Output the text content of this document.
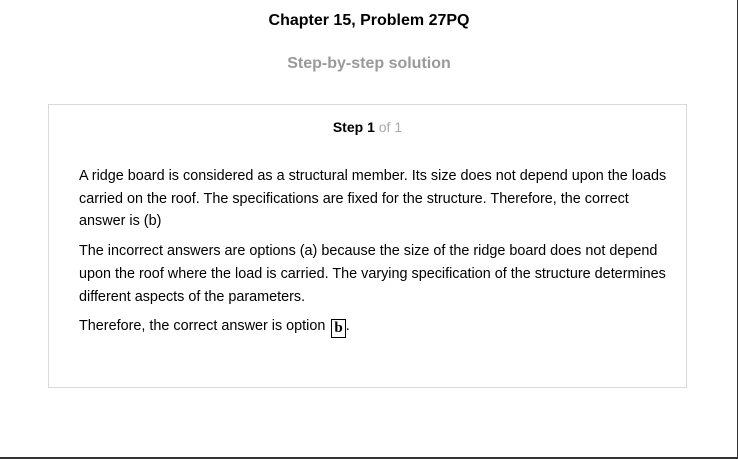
Chapter 15, Problem 27PQ
Step-by-step solution
Step 1 of 1

A ridge board is considered as a structural member. Its size does not depend upon the loads carried on the roof. The specifications are fixed for the structure. Therefore, the correct answer is (b)

The incorrect answers are options (a) because the size of the ridge board does not depend upon the roof where the load is carried. The varying specification of the structure determines different aspects of the parameters.

Therefore, the correct answer is option b .
